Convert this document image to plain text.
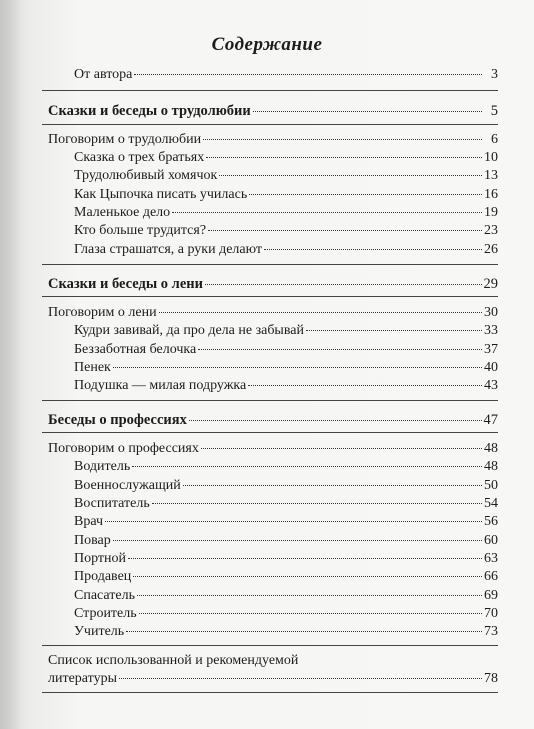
Содержание
От автора	3
Сказки и беседы о трудолюбии	5
Поговорим о трудолюбии	6
Сказка о трех братьях	10
Трудолюбивый хомячок	13
Как Цыпочка писать училась	16
Маленькое дело	19
Кто больше трудится?	23
Глаза страшатся, а руки делают	26
Сказки и беседы о лени	29
Поговорим о лени	30
Кудри завивай, да про дела не забывай	33
Беззаботная белочка	37
Пенек	40
Подушка — милая подружка	43
Беседы о профессиях	47
Поговорим о профессиях	48
Водитель	48
Военнослужащий	50
Воспитатель	54
Врач	56
Повар	60
Портной	63
Продавец	66
Спасатель	69
Строитель	70
Учитель	73
Список использованной и рекомендуемой
литературы	78
